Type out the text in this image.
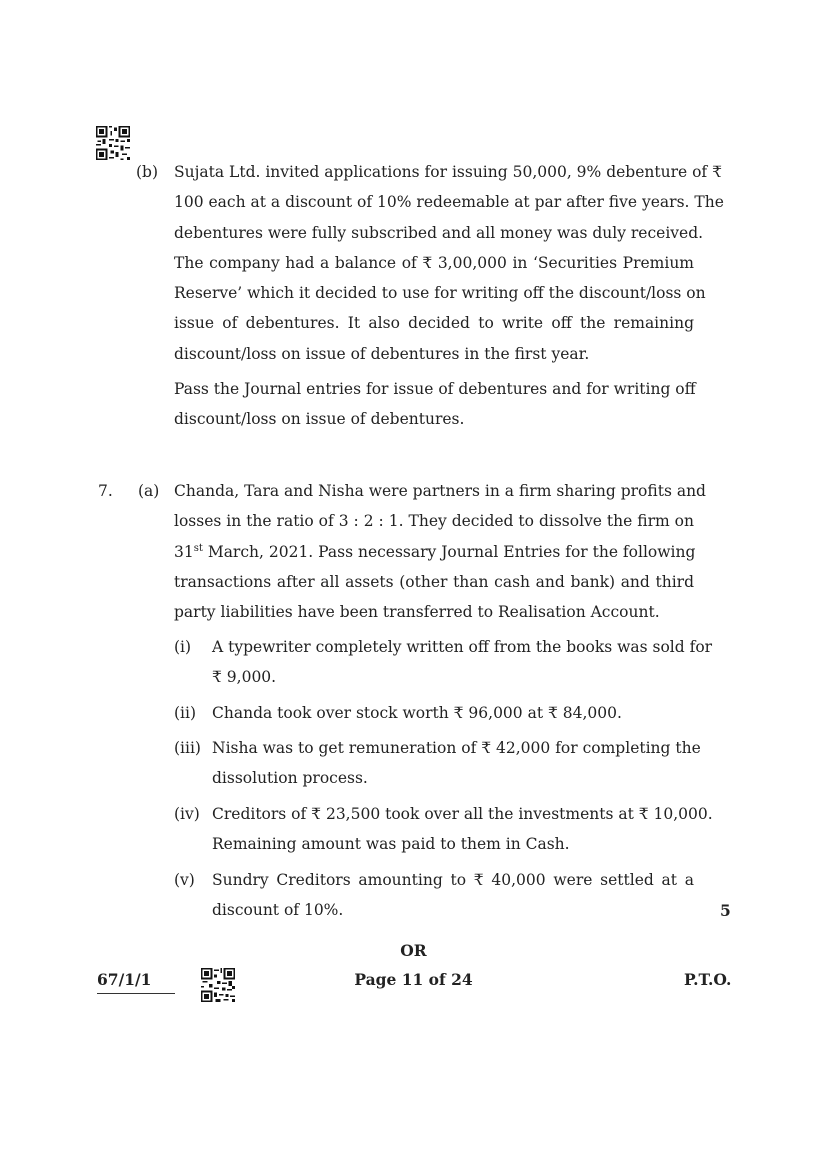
(b) Sujata Ltd. invited applications for issuing 50,000, 9% debenture of ₹
100 each at a discount of 10% redeemable at par after five years. The
debentures were fully subscribed and all money was duly received.
The company had a balance of ₹ 3,00,000 in ‘Securities Premium
Reserve’ which it decided to use for writing off the discount/loss on
issue of debentures. It also decided to write off the remaining
discount/loss on issue of debentures in the first year.
Pass the Journal entries for issue of debentures and for writing off
discount/loss on issue of debentures.
7. (a) Chanda, Tara and Nisha were partners in a firm sharing profits and
losses in the ratio of 3 : 2 : 1. They decided to dissolve the firm on
31st March, 2021. Pass necessary Journal Entries for the following
transactions after all assets (other than cash and bank) and third
party liabilities have been transferred to Realisation Account.
(i) A typewriter completely written off from the books was sold for
₹ 9,000.
(ii) Chanda took over stock worth ₹ 96,000 at ₹ 84,000.
(iii) Nisha was to get remuneration of ₹ 42,000 for completing the
dissolution process.
(iv) Creditors of ₹ 23,500 took over all the investments at ₹ 10,000.
Remaining amount was paid to them in Cash.
(v) Sundry Creditors amounting to ₹ 40,000 were settled at a
discount of 10%.	5
OR
67/1/1	Page 11 of 24	P.T.O.
